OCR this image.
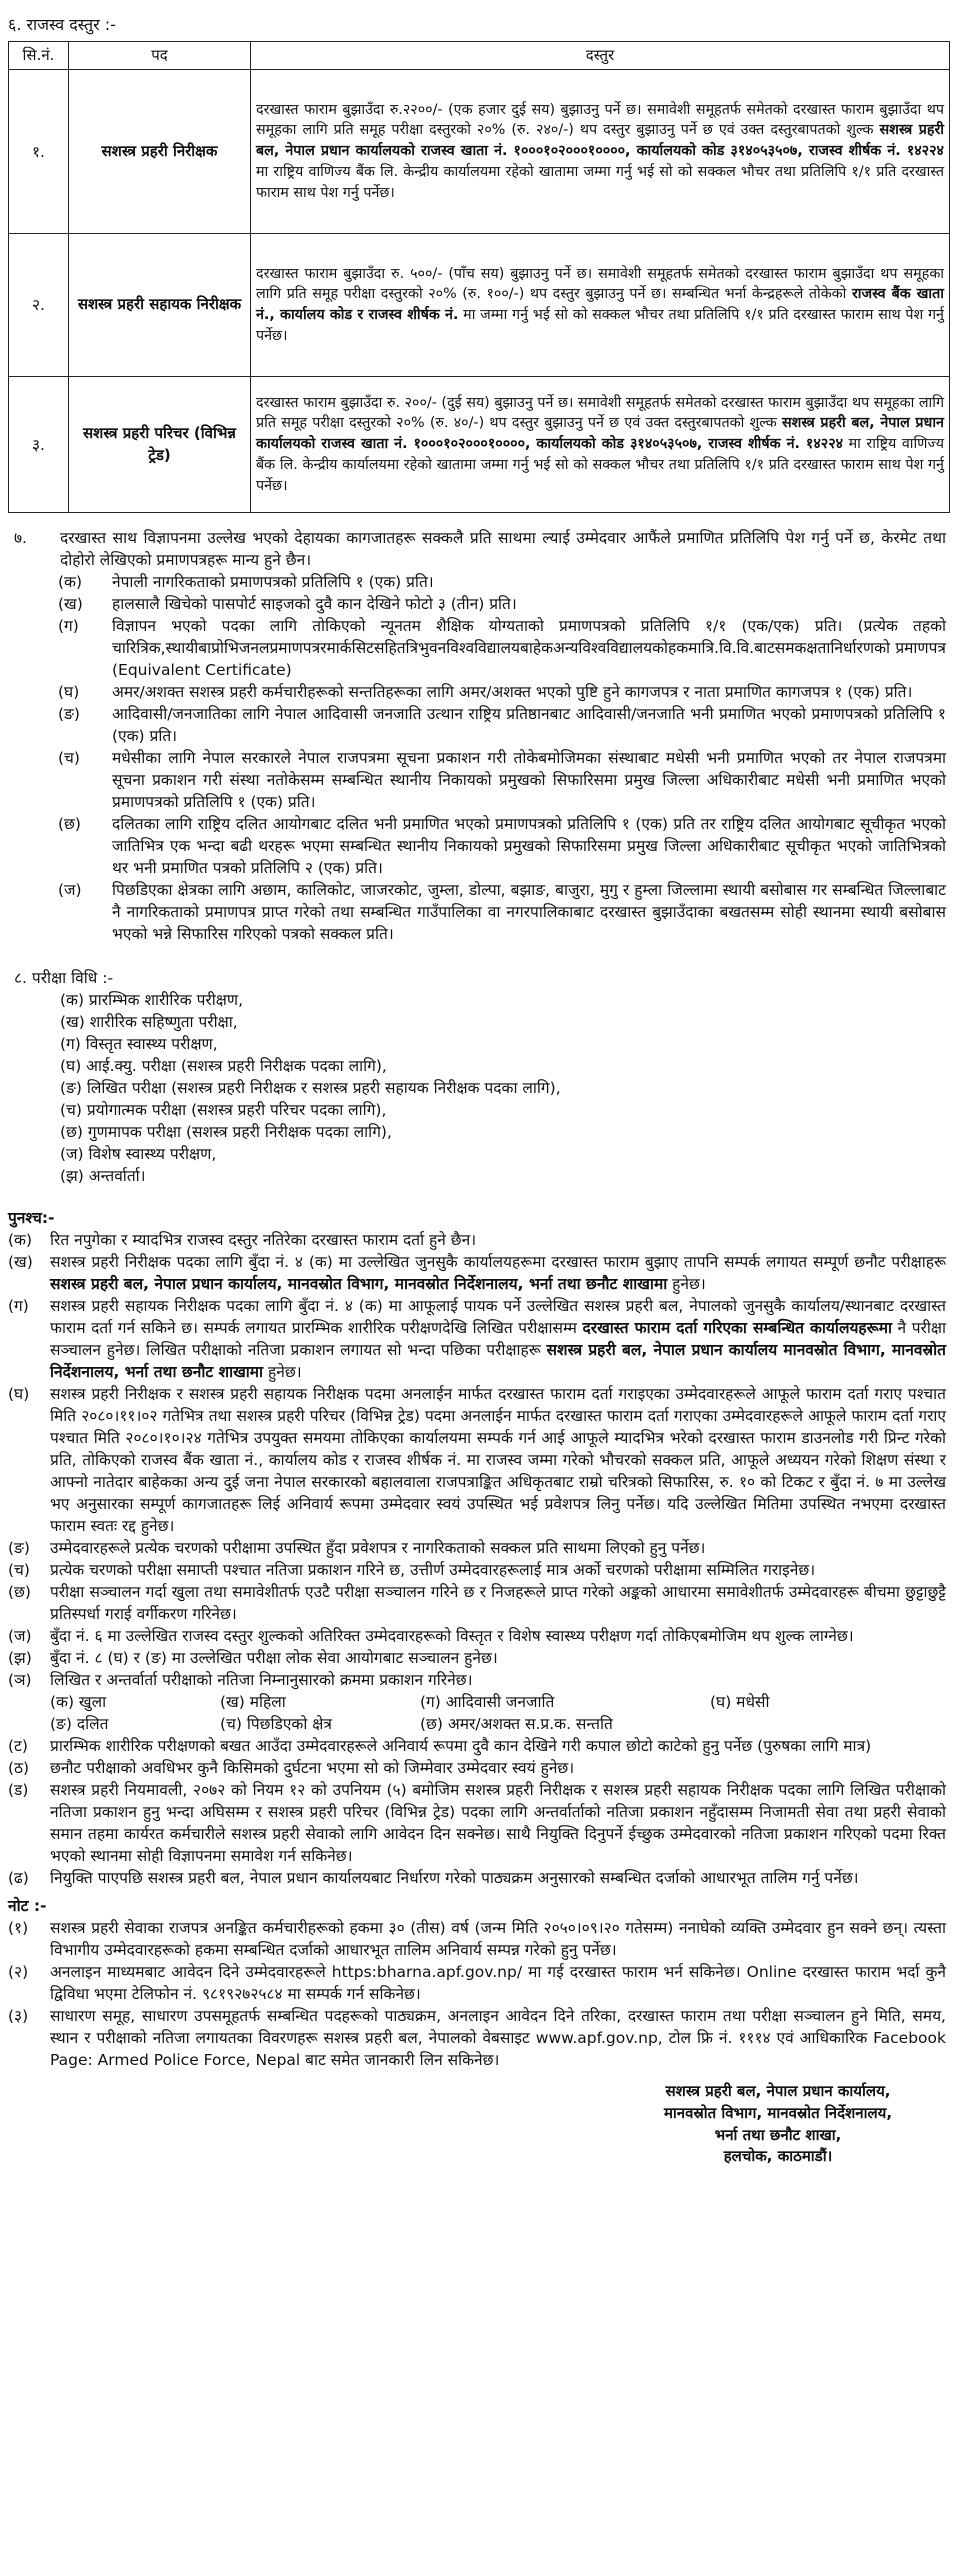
६. राजस्व दस्तुर :-
सि.नं.	पद	दस्तुर
१.	सशस्त्र प्रहरी निरीक्षक	दरखास्त फाराम बुझाउँदा रु.२२००/- (एक हजार दुई सय) बुझाउनु पर्ने छ। समावेशी समूहतर्फ समेतको दरखास्त फाराम बुझाउँदा थप समूहका लागि प्रति समूह परीक्षा दस्तुरको २०% (रु. २४०/-) थप दस्तुर बुझाउनु पर्ने छ एवं उक्त दस्तुरबापतको शुल्क सशस्त्र प्रहरी बल, नेपाल प्रधान कार्यालयको राजस्व खाता नं. १०००१०२०००१००००, कार्यालयको कोड ३१४०५३५०७, राजस्व शीर्षक नं. १४२२४ मा राष्ट्रिय वाणिज्य बैंक लि. केन्द्रीय कार्यालयमा रहेको खातामा जम्मा गर्नु भई सो को सक्कल भौचर तथा प्रतिलिपि १/१ प्रति दरखास्त फाराम साथ पेश गर्नु पर्नेछ।
२.	सशस्त्र प्रहरी सहायक निरीक्षक	दरखास्त फाराम बुझाउँदा रु. ५००/- (पाँच सय) बुझाउनु पर्ने छ। समावेशी समूहतर्फ समेतको दरखास्त फाराम बुझाउँदा थप समूहका लागि प्रति समूह परीक्षा दस्तुरको २०% (रु. १००/-) थप दस्तुर बुझाउनु पर्ने छ। सम्बन्धित भर्ना केन्द्रहरूले तोकेको राजस्व बैंक खाता नं., कार्यालय कोड र राजस्व शीर्षक नं. मा जम्मा गर्नु भई सो को सक्कल भौचर तथा प्रतिलिपि १/१ प्रति दरखास्त फाराम साथ पेश गर्नु पर्नेछ।
३.	सशस्त्र प्रहरी परिचर (विभिन्न ट्रेड)	दरखास्त फाराम बुझाउँदा रु. २००/- (दुई सय) बुझाउनु पर्ने छ। समावेशी समूहतर्फ समेतको दरखास्त फाराम बुझाउँदा थप समूहका लागि प्रति समूह परीक्षा दस्तुरको २०% (रु. ४०/-) थप दस्तुर बुझाउनु पर्ने छ एवं उक्त दस्तुरबापतको शुल्क सशस्त्र प्रहरी बल, नेपाल प्रधान कार्यालयको राजस्व खाता नं. १०००१०२०००१००००, कार्यालयको कोड ३१४०५३५०७, राजस्व शीर्षक नं. १४२२४ मा राष्ट्रिय वाणिज्य बैंक लि. केन्द्रीय कार्यालयमा रहेको खातामा जम्मा गर्नु भई सो को सक्कल भौचर तथा प्रतिलिपि १/१ प्रति दरखास्त फाराम साथ पेश गर्नु पर्नेछ।
७.	दरखास्त साथ विज्ञापनमा उल्लेख भएको देहायका कागजातहरू सक्कलै प्रति साथमा ल्याई उम्मेदवार आफैंले प्रमाणित प्रतिलिपि पेश गर्नु पर्ने छ, केरमेट तथा दोहोरो लेखिएको प्रमाणपत्रहरू मान्य हुने छैन।
(क)	नेपाली नागरिकताको प्रमाणपत्रको प्रतिलिपि १ (एक) प्रति।
(ख)	हालसालै खिचेको पासपोर्ट साइजको दुवै कान देखिने फोटो ३ (तीन) प्रति।
(ग)	विज्ञापन भएको पदका लागि तोकिएको न्यूनतम शैक्षिक योग्यताको प्रमाणपत्रको प्रतिलिपि १/१ (एक/एक) प्रति। (प्रत्येक तहको चारित्रिक,स्थायीबाप्रोभिजनलप्रमाणपत्ररमार्कसिटसहितत्रिभुवनविश्वविद्यालयबाहेकअन्यविश्वविद्यालयकोहकमात्रि.वि.वि.बाटसमकक्षतानिर्धारणको प्रमाणपत्र (Equivalent Certificate)
(घ)	अमर/अशक्त सशस्त्र प्रहरी कर्मचारीहरूको सन्ततिहरूका लागि अमर/अशक्त भएको पुष्टि हुने कागजपत्र र नाता प्रमाणित कागजपत्र १ (एक) प्रति।
(ङ)	आदिवासी/जनजातिका लागि नेपाल आदिवासी जनजाति उत्थान राष्ट्रिय प्रतिष्ठानबाट आदिवासी/जनजाति भनी प्रमाणित भएको प्रमाणपत्रको प्रतिलिपि १ (एक) प्रति।
(च)	मधेसीका लागि नेपाल सरकारले नेपाल राजपत्रमा सूचना प्रकाशन गरी तोकेबमोजिमका संस्थाबाट मधेसी भनी प्रमाणित भएको तर नेपाल राजपत्रमा सूचना प्रकाशन गरी संस्था नतोकेसम्म सम्बन्धित स्थानीय निकायको प्रमुखको सिफारिसमा प्रमुख जिल्ला अधिकारीबाट मधेसी भनी प्रमाणित भएको प्रमाणपत्रको प्रतिलिपि १ (एक) प्रति।
(छ)	दलितका लागि राष्ट्रिय दलित आयोगबाट दलित भनी प्रमाणित भएको प्रमाणपत्रको प्रतिलिपि १ (एक) प्रति तर राष्ट्रिय दलित आयोगबाट सूचीकृत भएको जातिभित्र एक भन्दा बढी थरहरू भएमा सम्बन्धित स्थानीय निकायको प्रमुखको सिफारिसमा प्रमुख जिल्ला अधिकारीबाट सूचीकृत भएको जातिभित्रको थर भनी प्रमाणित पत्रको प्रतिलिपि २ (एक) प्रति।
(ज)	पिछडिएका क्षेत्रका लागि अछाम, कालिकोट, जाजरकोट, जुम्ला, डोल्पा, बझाङ, बाजुरा, मुगु र हुम्ला जिल्लामा स्थायी बसोबास गर सम्बन्धित जिल्लाबाट नै नागरिकताको प्रमाणपत्र प्राप्त गरेको तथा सम्बन्धित गाउँपालिका वा नगरपालिकाबाट दरखास्त बुझाउँदाका बखतसम्म सोही स्थानमा स्थायी बसोबास भएको भन्ने सिफारिस गरिएको पत्रको सक्कल प्रति।
८. परीक्षा विधि :-
(क) प्रारम्भिक शारीरिक परीक्षण,
(ख) शारीरिक सहिष्णुता परीक्षा,
(ग) विस्तृत स्वास्थ्य परीक्षण,
(घ) आई.क्यु. परीक्षा (सशस्त्र प्रहरी निरीक्षक पदका लागि),
(ङ) लिखित परीक्षा (सशस्त्र प्रहरी निरीक्षक र सशस्त्र प्रहरी सहायक निरीक्षक पदका लागि),
(च) प्रयोगात्मक परीक्षा (सशस्त्र प्रहरी परिचर पदका लागि),
(छ) गुणमापक परीक्षा (सशस्त्र प्रहरी निरीक्षक पदका लागि),
(ज) विशेष स्वास्थ्य परीक्षण,
(झ) अन्तर्वार्ता।
पुनश्च:-
(क)	रित नपुगेका र म्यादभित्र राजस्व दस्तुर नतिरेका दरखास्त फाराम दर्ता हुने छैन।
(ख)	सशस्त्र प्रहरी निरीक्षक पदका लागि बुँदा नं. ४ (क) मा उल्लेखित जुनसुकै कार्यालयहरूमा दरखास्त फाराम बुझाए तापनि सम्पर्क लगायत सम्पूर्ण छनौट परीक्षाहरू सशस्त्र प्रहरी बल, नेपाल प्रधान कार्यालय, मानवस्रोत विभाग, मानवस्रोत निर्देशनालय, भर्ना तथा छनौट शाखामा हुनेछ।
(ग)	सशस्त्र प्रहरी सहायक निरीक्षक पदका लागि बुँदा नं. ४ (क) मा आफूलाई पायक पर्ने उल्लेखित सशस्त्र प्रहरी बल, नेपालको जुनसुकै कार्यालय/स्थानबाट दरखास्त फाराम दर्ता गर्न सकिने छ। सम्पर्क लगायत प्रारम्भिक शारीरिक परीक्षणदेखि लिखित परीक्षासम्म दरखास्त फाराम दर्ता गरिएका सम्बन्धित कार्यालयहरूमा नै परीक्षा सञ्चालन हुनेछ। लिखित परीक्षाको नतिजा प्रकाशन लगायत सो भन्दा पछिका परीक्षाहरू सशस्त्र प्रहरी बल, नेपाल प्रधान कार्यालय मानवस्रोत विभाग, मानवस्रोत निर्देशनालय, भर्ना तथा छनौट शाखामा हुनेछ।
(घ)	सशस्त्र प्रहरी निरीक्षक र सशस्त्र प्रहरी सहायक निरीक्षक पदमा अनलाईन मार्फत दरखास्त फाराम दर्ता गराइएका उम्मेदवारहरूले आफूले फाराम दर्ता गराए पश्चात मिति २०८०।११।०२ गतेभित्र तथा सशस्त्र प्रहरी परिचर (विभिन्न ट्रेड) पदमा अनलाईन मार्फत दरखास्त फाराम दर्ता गराएका उम्मेदवारहरूले आफूले फाराम दर्ता गराए पश्चात मिति २०८०।१०।२४ गतेभित्र उपयुक्त समयमा तोकिएका कार्यालयमा सम्पर्क गर्न आई आफूले म्यादभित्र भरेको दरखास्त फाराम डाउनलोड गरी प्रिन्ट गरेको प्रति, तोकिएको राजस्व बैंक खाता नं., कार्यालय कोड र राजस्व शीर्षक नं. मा राजस्व जम्मा गरेको भौचरको सक्कल प्रति, आफूले अध्ययन गरेको शिक्षण संस्था र आफ्नो नातेदार बाहेकका अन्य दुई जना नेपाल सरकारको बहालवाला राजपत्राङ्कित अधिकृतबाट राम्रो चरित्रको सिफारिस, रु. १० को टिकट र बुँदा नं. ७ मा उल्लेख भए अनुसारका सम्पूर्ण कागजातहरू लिई अनिवार्य रूपमा उम्मेदवार स्वयं उपस्थित भई प्रवेशपत्र लिनु पर्नेछ। यदि उल्लेखित मितिमा उपस्थित नभएमा दरखास्त फाराम स्वतः रद्द हुनेछ।
(ङ)	उम्मेदवारहरूले प्रत्येक चरणको परीक्षामा उपस्थित हुँदा प्रवेशपत्र र नागरिकताको सक्कल प्रति साथमा लिएको हुनु पर्नेछ।
(च)	प्रत्येक चरणको परीक्षा समाप्ती पश्चात नतिजा प्रकाशन गरिने छ, उत्तीर्ण उम्मेदवारहरूलाई मात्र अर्को चरणको परीक्षामा सम्मिलित गराइनेछ।
(छ)	परीक्षा सञ्चालन गर्दा खुला तथा समावेशीतर्फ एउटै परीक्षा सञ्चालन गरिने छ र निजहरूले प्राप्त गरेको अङ्कको आधारमा समावेशीतर्फ उम्मेदवारहरू बीचमा छुट्टाछुट्टै प्रतिस्पर्धा गराई वर्गीकरण गरिनेछ।
(ज)	बुँदा नं. ६ मा उल्लेखित राजस्व दस्तुर शुल्कको अतिरिक्त उम्मेदवारहरूको विस्तृत र विशेष स्वास्थ्य परीक्षण गर्दा तोकिएबमोजिम थप शुल्क लाग्नेछ।
(झ)	बुँदा नं. ८ (घ) र (ङ) मा उल्लेखित परीक्षा लोक सेवा आयोगबाट सञ्चालन हुनेछ।
(ञ)	लिखित र अन्तर्वार्ता परीक्षाको नतिजा निम्नानुसारको क्रममा प्रकाशन गरिनेछ।
(क) खुला	(ख) महिला	(ग) आदिवासी जनजाति	(घ) मधेसी
(ङ) दलित	(च) पिछडिएको क्षेत्र	(छ) अमर/अशक्त स.प्र.क. सन्तति
(ट)	प्रारम्भिक शारीरिक परीक्षणको बखत आउँदा उम्मेदवारहरूले अनिवार्य रूपमा दुवै कान देखिने गरी कपाल छोटो काटेको हुनु पर्नेछ (पुरुषका लागि मात्र)
(ठ)	छनौट परीक्षाको अवधिभर कुनै किसिमको दुर्घटना भएमा सो को जिम्मेवार उम्मेदवार स्वयं हुनेछ।
(ड)	सशस्त्र प्रहरी नियमावली, २०७२ को नियम १२ को उपनियम (५) बमोजिम सशस्त्र प्रहरी निरीक्षक र सशस्त्र प्रहरी सहायक निरीक्षक पदका लागि लिखित परीक्षाको नतिजा प्रकाशन हुनु भन्दा अघिसम्म र सशस्त्र प्रहरी परिचर (विभिन्न ट्रेड) पदका लागि अन्तर्वार्ताको नतिजा प्रकाशन नहुँदासम्म निजामती सेवा तथा प्रहरी सेवाको समान तहमा कार्यरत कर्मचारीले सशस्त्र प्रहरी सेवाको लागि आवेदन दिन सक्नेछ। साथै नियुक्ति दिनुपर्ने ईच्छुक उम्मेदवारको नतिजा प्रकाशन गरिएको पदमा रिक्त भएको स्थानमा सोही विज्ञापनमा समावेश गर्न सकिनेछ।
(ढ)	नियुक्ति पाएपछि सशस्त्र प्रहरी बल, नेपाल प्रधान कार्यालयबाट निर्धारण गरेको पाठ्यक्रम अनुसारको सम्बन्धित दर्जाको आधारभूत तालिम गर्नु पर्नेछ।
नोट :-
(१)	सशस्त्र प्रहरी सेवाका राजपत्र अनङ्कित कर्मचारीहरूको हकमा ३० (तीस) वर्ष (जन्म मिति २०५०।०९।२० गतेसम्म) ननाघेको व्यक्ति उम्मेदवार हुन सक्ने छन्। त्यस्ता विभागीय उम्मेदवारहरूको हकमा सम्बन्धित दर्जाको आधारभूत तालिम अनिवार्य सम्पन्न गरेको हुनु पर्नेछ।
(२)	अनलाइन माध्यमबाट आवेदन दिने उम्मेदवारहरूले https:bharna.apf.gov.np/ मा गई दरखास्त फाराम भर्न सकिनेछ। Online दरखास्त फाराम भर्दा कुनै द्विविधा भएमा टेलिफोन नं. ९८१९२७२५८४ मा सम्पर्क गर्न सकिनेछ।
(३)	साधारण समूह, साधारण उपसमूहतर्फ सम्बन्धित पदहरूको पाठ्यक्रम, अनलाइन आवेदन दिने तरिका, दरखास्त फाराम तथा परीक्षा सञ्चालन हुने मिति, समय, स्थान र परीक्षाको नतिजा लगायतका विवरणहरू सशस्त्र प्रहरी बल, नेपालको वेबसाइट www.apf.gov.np, टोल फ्रि नं. १११४ एवं आधिकारिक Facebook Page: Armed Police Force, Nepal बाट समेत जानकारी लिन सकिनेछ।
सशस्त्र प्रहरी बल, नेपाल प्रधान कार्यालय,
मानवस्रोत विभाग, मानवस्रोत निर्देशनालय,
भर्ना तथा छनौट शाखा,
हलचोक, काठमाडौं।
